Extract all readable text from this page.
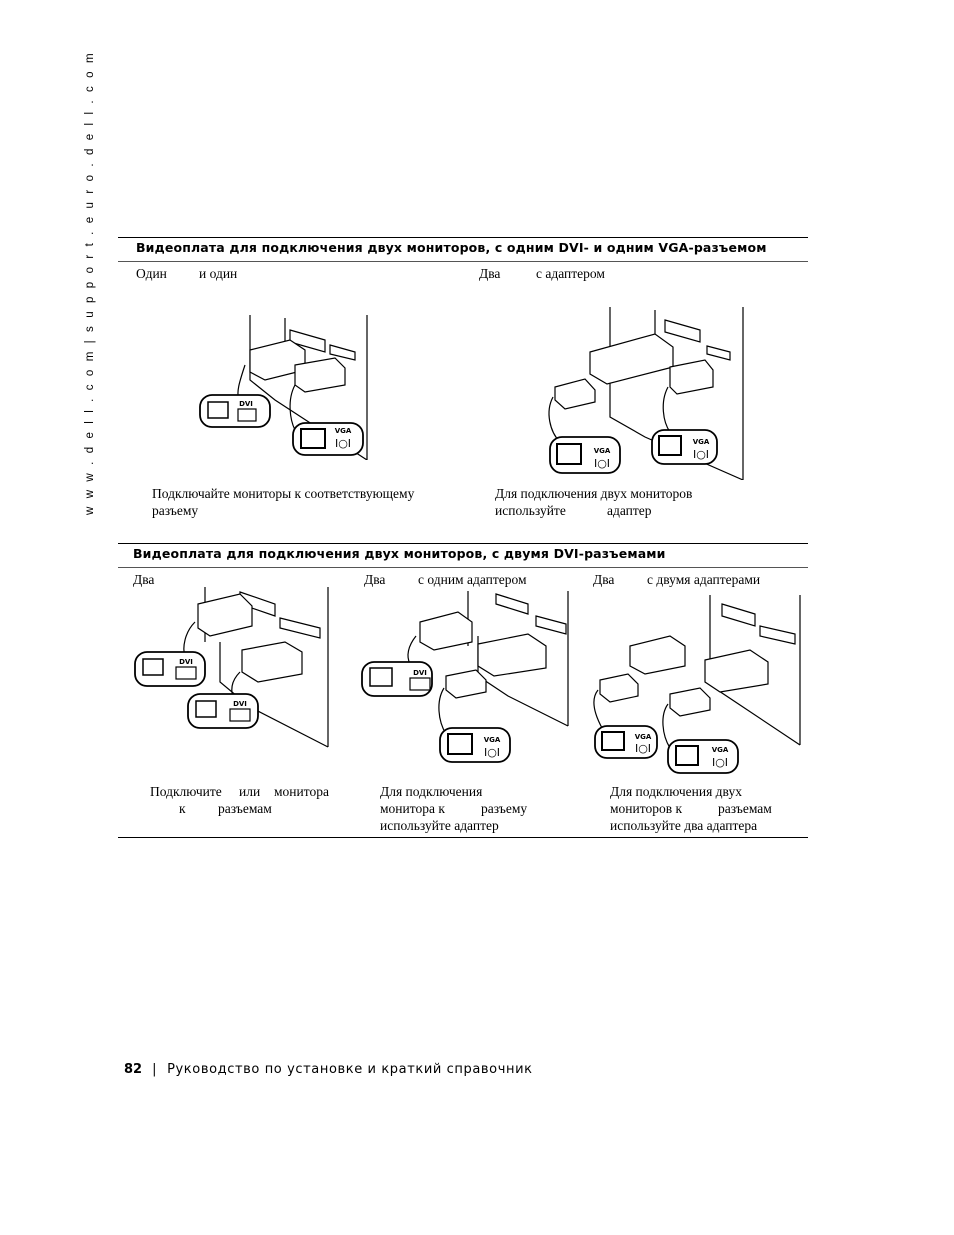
w w w . d e l l . c o m | s u p p o r t . e u r o . d e l l . c o m	Видеоплата для подключения двух мониторов, с одним DVI- и одним VGA-разъемом
Один и один	Два	с адаптером
DVI
VGA
I○I
VGA
I○I
VGA
I○I
Подключайте мониторы к соответствующему
разъему
Для подключения двух мониторов
используйте	адаптер
Видеоплата для подключения двух мониторов, с двумя DVI-разъемами
Два	Два с одним адаптером	Два с двумя адаптерами
DVI
DVI
DVI
VGA
I○I
VGA
I○I	VGA
I○I
Подключите или монитора
к разъемам
Для подключения
монитора к	разъему
используйте адаптер
Для подключения двух
мониторов к	разъемам
используйте два адаптера
82 | Руководство по установке и краткий справочник
